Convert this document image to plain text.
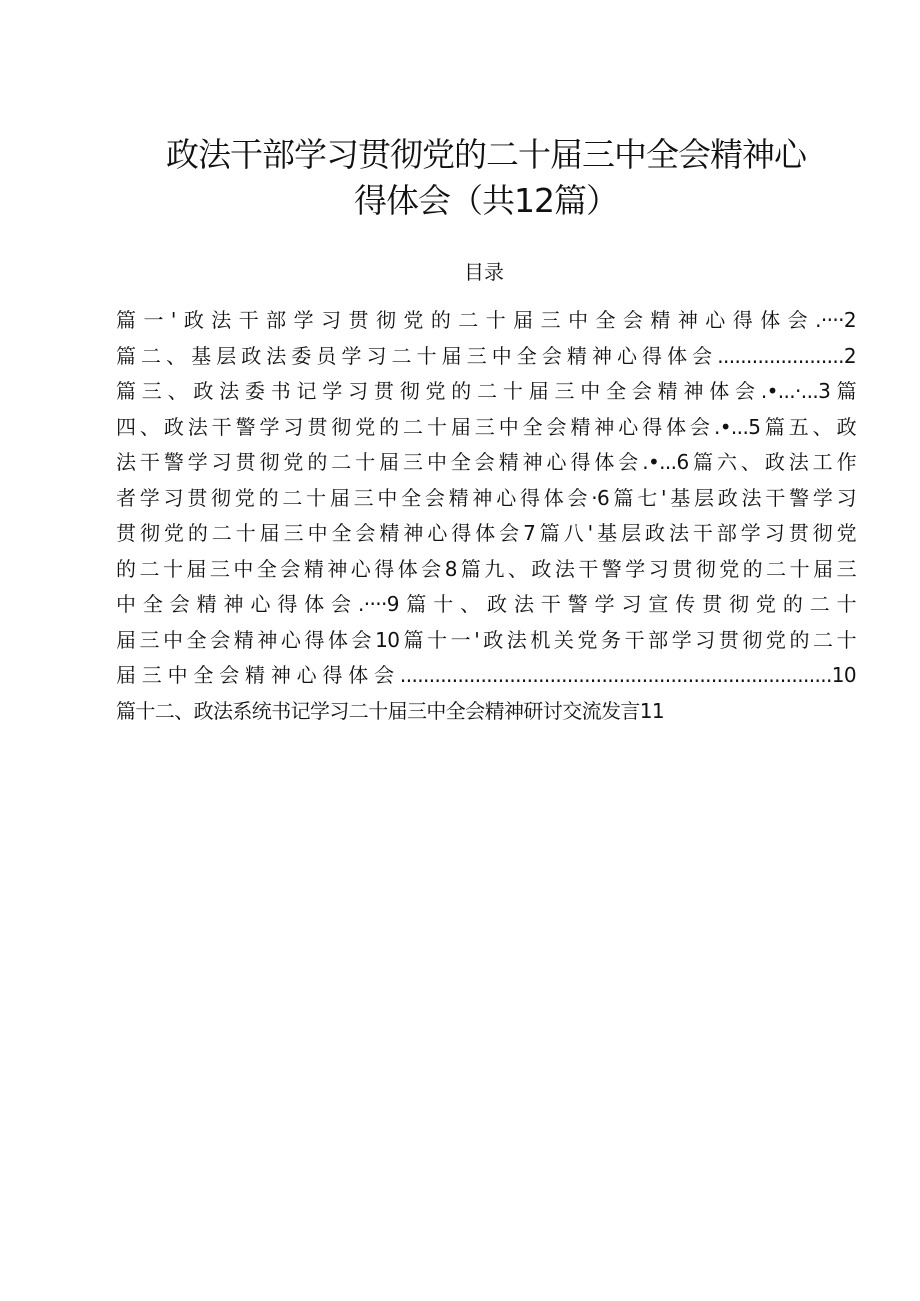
政法干部学习贯彻党的二十届三中全会精神心
得体会（共12篇）
目录
篇一'政法干部学习贯彻党的二十届三中全会精神心得体会.····2
篇二、基层政法委员学习二十届三中全会精神心得体会......................2
篇三、政法委书记学习贯彻党的二十届三中全会精神体会.•...·...3篇
四、政法干警学习贯彻党的二十届三中全会精神心得体会.•...5篇五、政
法干警学习贯彻党的二十届三中全会精神心得体会.•...6篇六、政法工作
者学习贯彻党的二十届三中全会精神心得体会·6篇七'基层政法干警学习
贯彻党的二十届三中全会精神心得体会7篇八'基层政法干部学习贯彻党
的二十届三中全会精神心得体会8篇九、政法干警学习贯彻党的二十届三
中全会精神心得体会.····9篇十、政法干警学习宣传贯彻党的二十
届三中全会精神心得体会10篇十一'政法机关党务干部学习贯彻党的二十
届三中全会精神心得体会...........................................................................10
篇十二、政法系统书记学习二十届三中全会精神研讨交流发言11
